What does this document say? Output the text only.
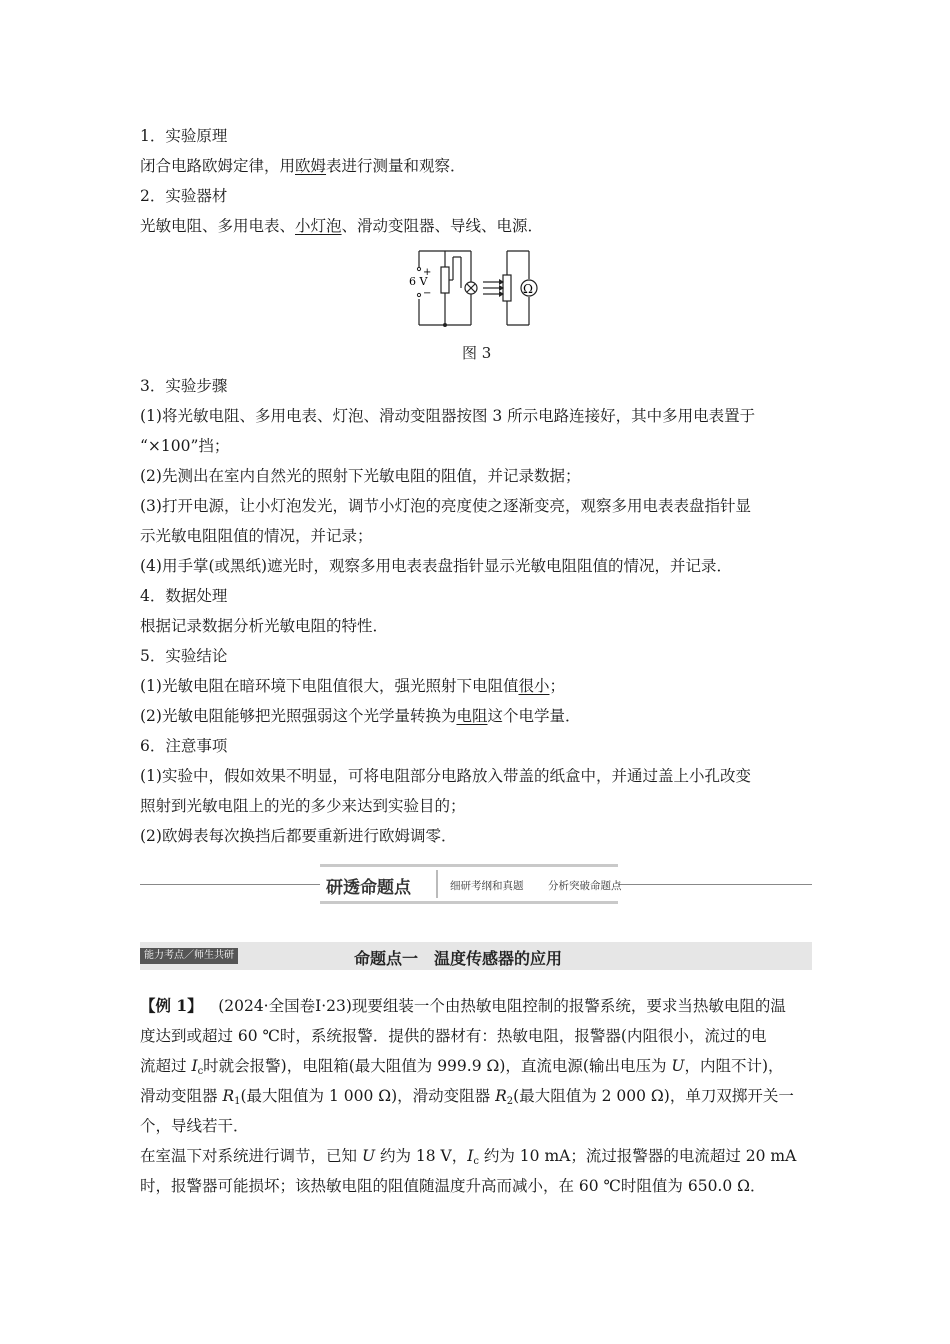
1．实验原理
闭合电路欧姆定律，用欧姆表进行测量和观察．
2．实验器材
光敏电阻、多用电表、小灯泡、滑动变阻器、导线、电源．
+
6 V
−	Ω
图 3
3．实验步骤
(1)将光敏电阻、多用电表、灯泡、滑动变阻器按图 3 所示电路连接好，其中多用电表置于
“×100”挡；
(2)先测出在室内自然光的照射下光敏电阻的阻值，并记录数据；
(3)打开电源，让小灯泡发光，调节小灯泡的亮度使之逐渐变亮，观察多用电表表盘指针显
示光敏电阻阻值的情况，并记录；
(4)用手掌(或黑纸)遮光时，观察多用电表表盘指针显示光敏电阻阻值的情况，并记录．
4．数据处理
根据记录数据分析光敏电阻的特性．
5．实验结论
(1)光敏电阻在暗环境下电阻值很大，强光照射下电阻值很小；
(2)光敏电阻能够把光照强弱这个光学量转换为电阻这个电学量．
6．注意事项
(1)实验中，假如效果不明显，可将电阻部分电路放入带盖的纸盒中，并通过盖上小孔改变
照射到光敏电阻上的光的多少来达到实验目的；
(2)欧姆表每次换挡后都要重新进行欧姆调零．
研透命题点	细研考纲和真题 分析突破命题点
能力考点／师生共研	命题点一　温度传感器的应用
【例 1】  (2024·全国卷Ⅰ·23)现要组装一个由热敏电阻控制的报警系统，要求当热敏电阻的温
度达到或超过 60 ℃时，系统报警．提供的器材有：热敏电阻，报警器(内阻很小，流过的电
流超过 $I_c$时就会报警)，电阻箱(最大阻值为 999.9 Ω)，直流电源(输出电压为 U，内阻不计)，
滑动变阻器 $R_1$(最大阻值为 1 000 Ω)，滑动变阻器 $R_2$(最大阻值为 2 000 Ω)，单刀双掷开关一
个，导线若干．
在室温下对系统进行调节，已知 U 约为 18 V，$I_c$ 约为 10 mA；流过报警器的电流超过 20 mA
时，报警器可能损坏；该热敏电阻的阻值随温度升高而减小，在 60 ℃时阻值为 650.0 Ω．
